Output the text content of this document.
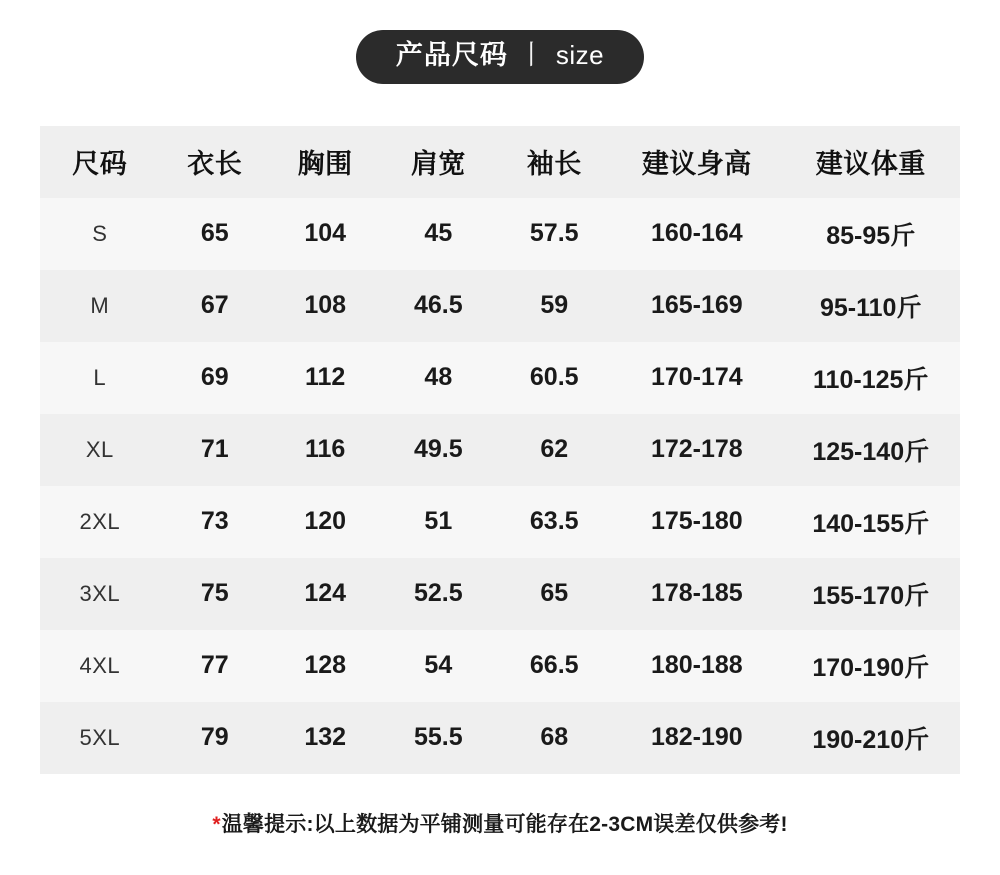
产品尺码 丨 size
尺码	衣长	胸围	肩宽	袖长	建议身高	建议体重
S	65	104	45	57.5	160-164	85-95斤
M	67	108	46.5	59	165-169	95-110斤
L	69	112	48	60.5	170-174	110-125斤
XL	71	116	49.5	62	172-178	125-140斤
2XL	73	120	51	63.5	175-180	140-155斤
3XL	75	124	52.5	65	178-185	155-170斤
4XL	77	128	54	66.5	180-188	170-190斤
5XL	79	132	55.5	68	182-190	190-210斤
*温馨提示:以上数据为平铺测量可能存在2-3CM误差仅供参考!
